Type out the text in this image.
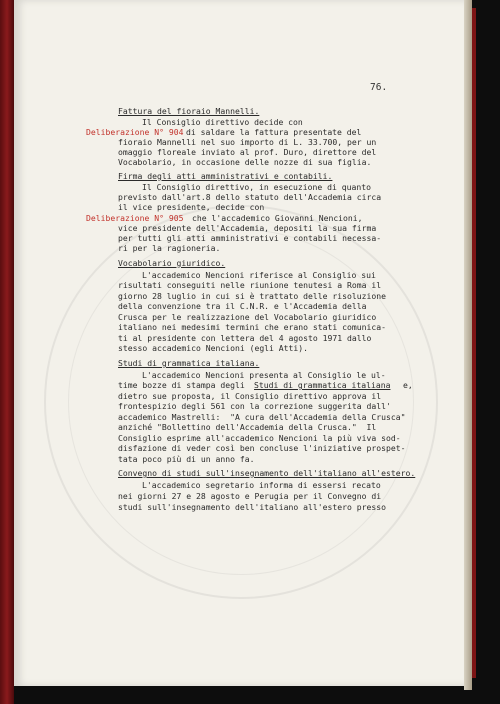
76.
Fattura del fioraio Mannelli.
Il Consiglio direttivo decide con
Deliberazione N° 904 di saldare la fattura presentate del
fioraio Mannelli nel suo importo di L. 33.700, per un
omaggio floreale inviato al prof. Duro, direttore del
Vocabolario, in occasione delle nozze di sua figlia.
Firma degli atti amministrativi e contabili.
Il Consiglio direttivo, in esecuzione di quanto
previsto dall'art.8 dello statuto dell'Accademia circa
il vice presidente, decide con
Deliberazione N° 905 che l'accademico Giovanni Nencioni,
vice presidente dell'Accademia, depositi la sua firma
per tutti gli atti amministrativi e contabili necessa-
ri per la ragioneria.
Vocabolario giuridico.
L'accademico Nencioni riferisce al Consiglio sui
risultati conseguiti nelle riunione tenutesi a Roma il
giorno 28 luglio in cui si è trattato delle risoluzione
della convenzione tra il C.N.R. e l'Accademia della
Crusca per le realizzazione del Vocabolario giuridico
italiano nei medesimi termini che erano stati comunica-
ti al presidente con lettera del 4 agosto 1971 dallo
stesso accademico Nencioni (egli Atti).
Studi di grammatica italiana.
L'accademico Nencioni presenta al Consiglio le ul-
time bozze di stampa degli Studi di grammatica italiana e,
dietro sue proposta, il Consiglio direttivo approva il
frontespizio degli 561 con la correzione suggerita dall'
accademico Mastrelli:  "A cura dell'Accademia della Crusca"
anziché "Bollettino dell'Accademia della Crusca."  Il
Consiglio esprime all'accademico Nencioni la più viva sod-
disfazione di veder così ben concluse l'iniziative prospet-
tata poco più di un anno fa.
Convegno di studi sull'insegnamento dell'italiano all'estero.
L'accademico segretario informa di essersi recato
nei giorni 27 e 28 agosto e Perugia per il Convegno di
studi sull'insegnamento dell'italiano all'estero presso
